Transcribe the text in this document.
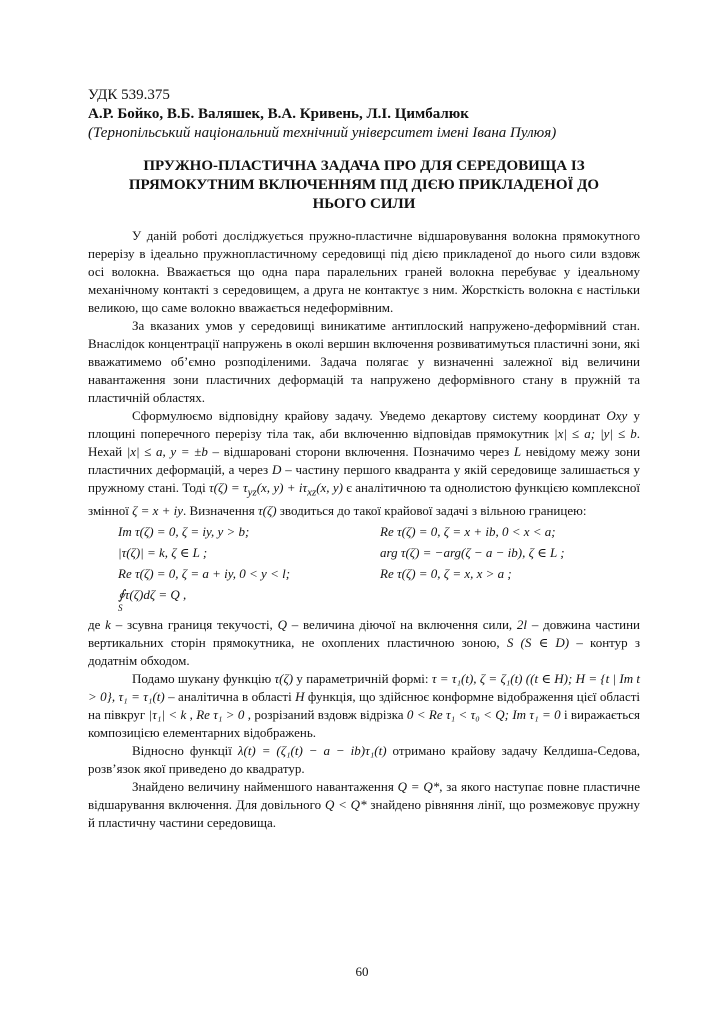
УДК 539.375
А.Р. Бойко, В.Б. Валяшек, В.А. Кривень, Л.І. Цимбалюк
(Тернопільський національний технічний університет імені Івана Пулюя)
ПРУЖНО-ПЛАСТИЧНА ЗАДАЧА ПРО ДЛЯ СЕРЕДОВИЩА ІЗ
ПРЯМОКУТНИМ ВКЛЮЧЕННЯМ ПІД ДІЄЮ ПРИКЛАДЕНОЇ ДО
НЬОГО СИЛИ

У даній роботі досліджується пружно-пластичне відшаровування волокна прямокутного перерізу в ідеально пружнопластичному середовищі під дією прикладеної до нього сили вздовж осі волокна. Вважається що одна пара паралельних граней волокна перебуває у ідеальному механічному контакті з середовищем, а друга не контактує з ним. Жорсткість волокна є настільки великою, що саме волокно вважається недеформівним.

За вказаних умов у середовищі виникатиме антиплоский напружено-деформівний стан. Внаслідок концентрації напружень в околі вершин включення розвиватимуться пластичні зони, які вважатимемо обʼємно розподіленими. Задача полягає у визначенні залежної від величини навантаження зони пластичних деформацій та напружено деформівного стану в пружній та пластичній областях.

Сформулюємо відповідну крайову задачу. Уведемо декартову систему координат Oxy у площині поперечного перерізу тіла так, аби включенню відповідав прямокутник |x| ≤ a; |y| ≤ b. Нехай |x| ≤ a, y = ±b – відшаровані сторони включення. Позначимо через L невідому межу зони пластичних деформацій, а через D – частину першого квадранта у якій середовище залишається у пружному стані. Тоді $\tau(\zeta) = \tau_{yz}(x$, $y) + i\tau_{xz}(x$, y) є аналітичною та однолистою функцією комплексної змінної ζ = x + iy. Визначення τ(ζ) зводиться до такої крайової задачі з вільною границею:

Im τ(ζ) = 0, ζ = iy, y > b;	Re τ(ζ) = 0, ζ = x + ib, 0 < x < a;
|τ(ζ)| = k, ζ ∈ L ;	arg τ(ζ) = −arg(ζ − a − ib), ζ ∈ L ;
Re τ(ζ) = 0, ζ = a + iy, 0 < y < l;	Re τ(ζ) = 0, ζ = x, x > a ;
∮τ(ζ)dζ = Q ,
S

де k – зсувна границя текучості, Q – величина діючої на включення сили, 2l – довжина частини вертикальних сторін прямокутника, не охоплених пластичною зоною, S (S ∈ D) – контур з додатнім обходом.

Подамо шукану функцію τ(ζ) у параметричній формі: τ = τ₁(t), ζ = ζ₁(t) ((t ∈ H); H = {t | Im t > 0}, τ₁ = τ₁(t) – аналітична в області H функція, що здійснює конформне відображення цієї області на півкруг |τ₁| < k , Re τ₁ > 0 , розрізаний вздовж відрізка 0 < Re τ₁ < τ₀ < Q; Im τ₁ = 0 і виражається композицією елементарних відображень.

Відносно функції λ(t) = (ζ₁(t) − a − ib)τ₁(t) отримано крайову задачу Келдиша-Седова, розвʼязок якої приведено до квадратур.

Знайдено величину найменшого навантаження Q = Q*, за якого наступає повне пластичне відшарування включення. Для довільного Q < Q* знайдено рівняння лінії, що розмежовує пружну й пластичну частини середовища.

60
